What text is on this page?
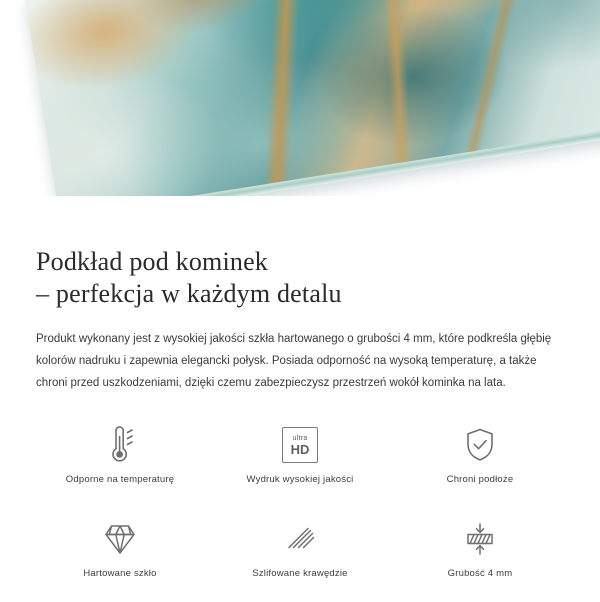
✦
✦
Podkład pod kominek
– perfekcja w każdym detalu

Produkt wykonany jest z wysokiej jakości szkła hartowanego o grubości 4 mm, które podkreśla głębię kolorów nadruku i zapewnia elegancki połysk. Posiada odporność na wysoką temperaturę, a także chroni przed uszkodzeniami, dzięki czemu zabezpieczysz przestrzeń wokół kominka na lata.

Odporne na temperaturę
ultra
HD
Wydruk wysokiej jakości	Chroni podłoże
Hartowane szkło	Szlifowane krawędzie	Grubość 4 mm
